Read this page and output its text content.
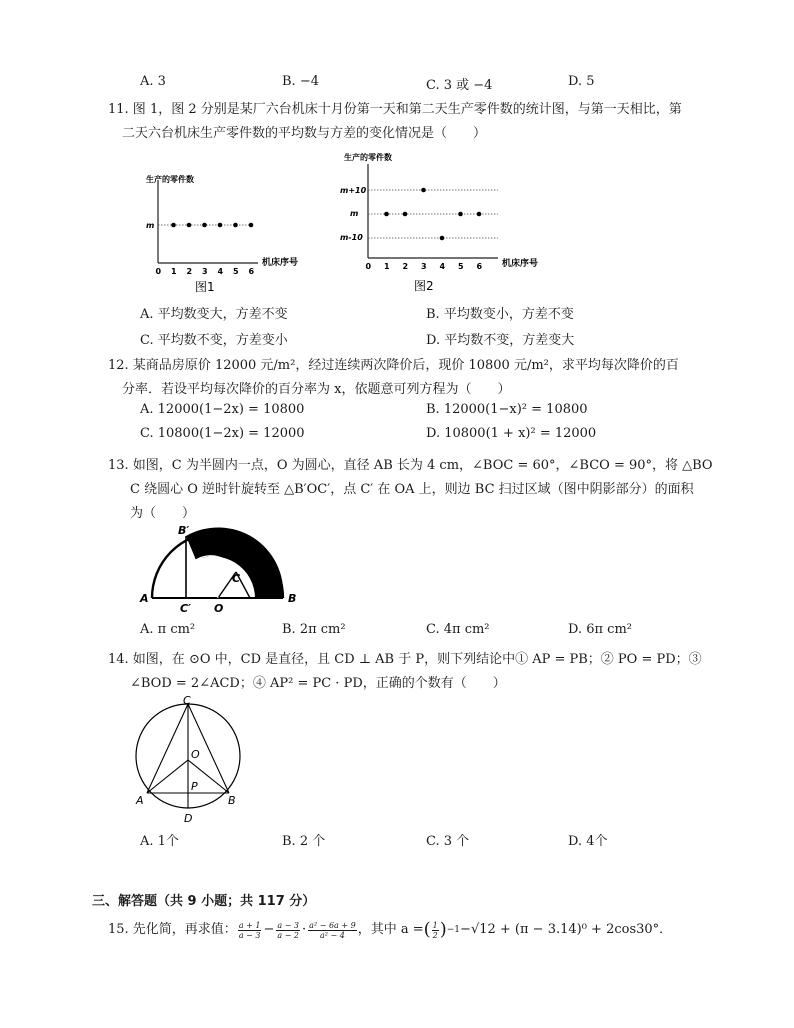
A. 3	B. −4	C. 3 或 −4	D. 5
11. 图 1，图 2 分别是某厂六台机床十月份第一天和第二天生产零件数的统计图，与第一天相比，第
二天六台机床生产零件数的平均数与方差的变化情况是（　　）
生产的零件数
m
0 1 2 3 4 5 6
机床序号
图1
生产的零件数
m+10
m
m-10
0 1 2 3 4 5 6 机床序号
图2
A. 平均数变大，方差不变	B. 平均数变小，方差不变
C. 平均数不变，方差变小	D. 平均数不变，方差变大
12. 某商品房原价 12000 元/m²，经过连续两次降价后，现价 10800 元/m²，求平均每次降价的百
分率．若设平均每次降价的百分率为 x，依题意可列方程为（　　）
A. 12000(1−2x) = 10800	B. 12000(1−x)² = 10800
C. 10800(1−2x) = 12000	D. 10800(1 + x)² = 12000
13. 如图，C 为半圆内一点，O 为圆心，直径 AB 长为 4 cm，∠BOC = 60°，∠BCO = 90°，将 △BO
C 绕圆心 O 逆时针旋转至 △B′OC′，点 C′ 在 OA 上，则边 BC 扫过区域（图中阴影部分）的面积
为（　　）
A	B
B′
C
C′ O
A. π cm²	B. 2π cm²	C. 4π cm²	D. 6π cm²
14. 如图，在 ⊙O 中，CD 是直径，且 CD ⊥ AB 于 P，则下列结论中① AP = PB；② PO = PD；③
∠BOD = 2∠ACD；④ AP² = PC · PD，正确的个数有（　　）
C
O
P
A	B
D
A. 1个	B. 2 个	C. 3 个	D. 4个
三、解答题（共 9 小题；共 117 分）
15. 先化简，再求值： $\frac{a + 1}{a - 3} - \frac{a - 3}{a - 2} \cdot \frac{\text{a² − 6a + 9}}{\text{a² − 4}}$ ，其中 a = ( $\frac{1}{2}$ ) −1 −√12 + (π − 3.14)⁰ + 2cos30°．
